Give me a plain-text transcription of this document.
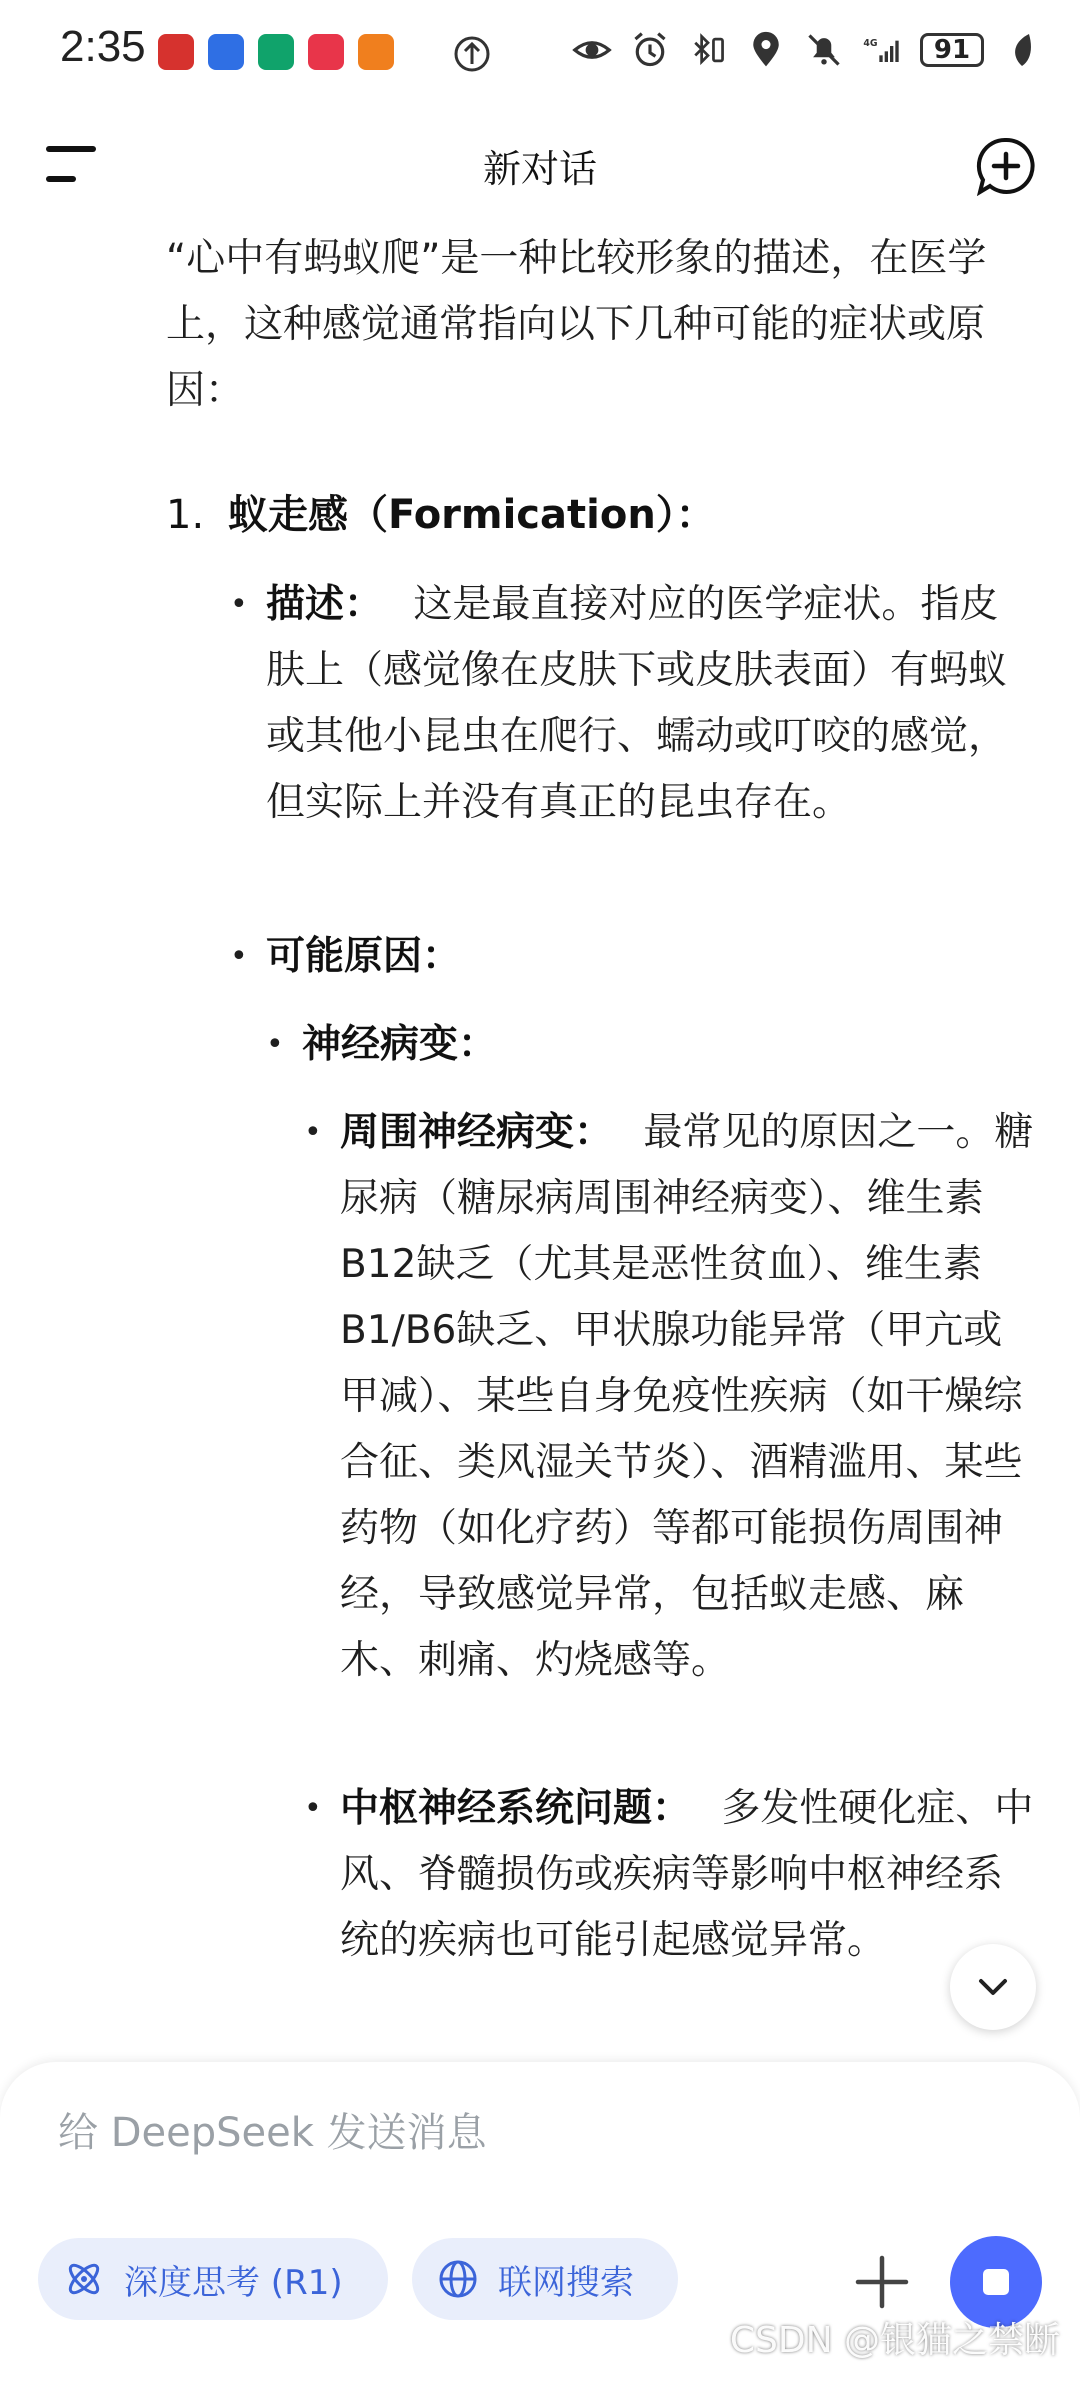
2:35	4G	91
新对话

“心中有蚂蚁爬”是一种比较形象的描述，在医学上，这种感觉通常指向以下几种可能的症状或原因：

1. 蚁走感（Formication）：
• 描述： 这是最直接对应的医学症状。指皮肤上（感觉像在皮肤下或皮肤表面）有蚂蚁或其他小昆虫在爬行、蠕动或叮咬的感觉，但实际上并没有真正的昆虫存在。
• 可能原因：
• 神经病变：
• 周围神经病变： 最常见的原因之一。糖尿病（糖尿病周围神经病变）、维生素B12缺乏（尤其是恶性贫血）、维生素B1/B6缺乏、甲状腺功能异常（甲亢或甲减）、某些自身免疫性疾病（如干燥综合征、类风湿关节炎）、酒精滥用、某些药物（如化疗药）等都可能损伤周围神经，导致感觉异常，包括蚁走感、麻木、刺痛、灼烧感等。
• 中枢神经系统问题： 多发性硬化症、中风、脊髓损伤或疾病等影响中枢神经系统的疾病也可能引起感觉异常。
给 DeepSeek 发送消息
深度思考 (R1)	联网搜索
CSDN @银猫之禁断
